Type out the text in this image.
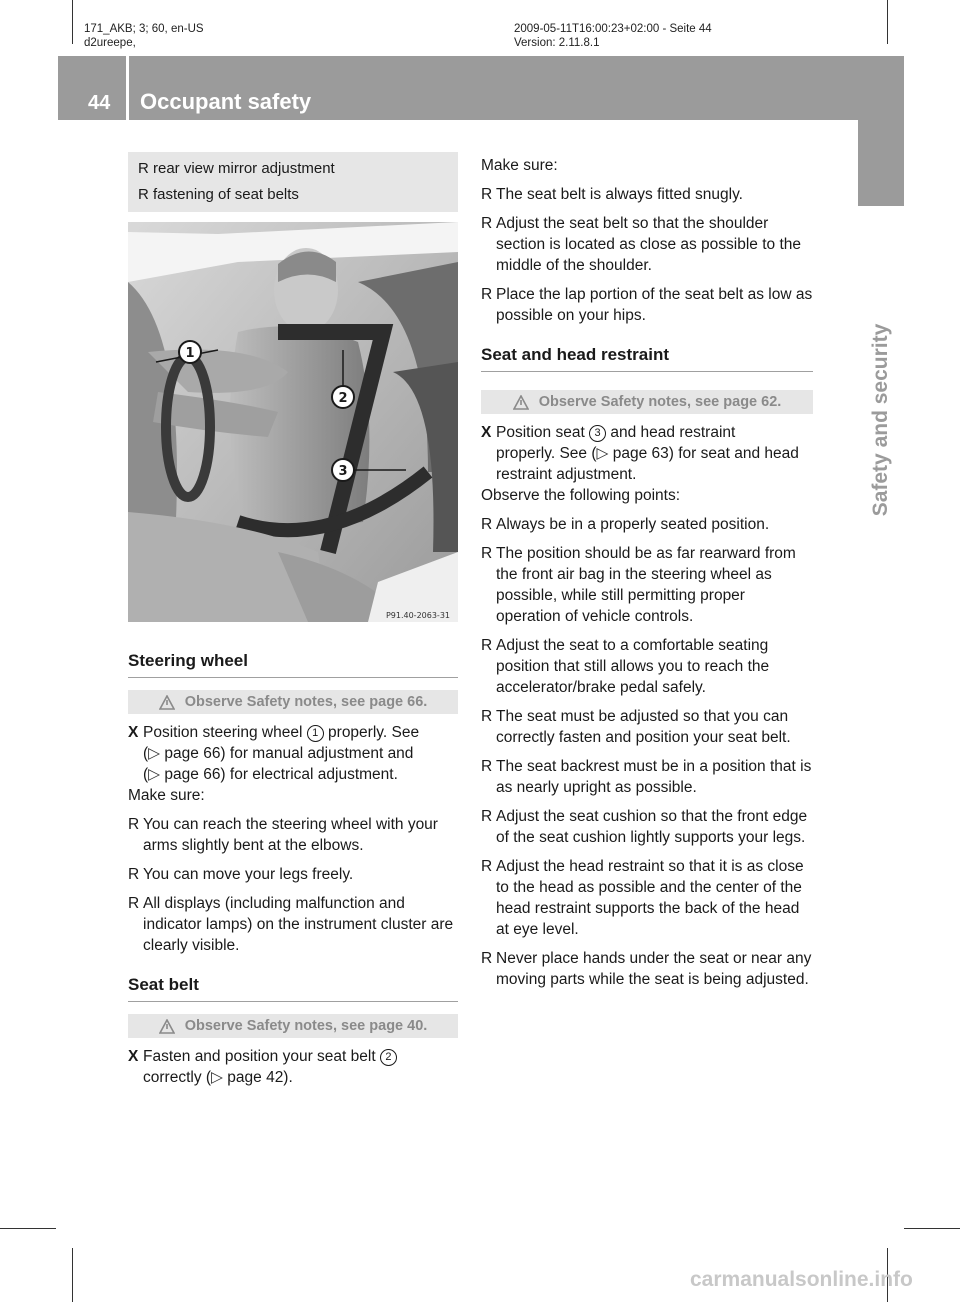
171_AKB; 3; 60, en-US
d2ureepe,
2009-05-11T16:00:23+02:00 - Seite 44
Version: 2.11.8.1
44 Occupant safety
Safety and security
R rear view mirror adjustment
R fastening of seat belts
1
2
3
P91.40-2063-31
Steering wheel
Observe Safety notes, see page 66.
X Position steering wheel 1 properly. See
(▷ page 66) for manual adjustment and
(▷ page 66) for electrical adjustment.
Make sure:
R You can reach the steering wheel with your arms slightly bent at the elbows.
R You can move your legs freely.
R All displays (including malfunction and indicator lamps) on the instrument cluster are clearly visible.
Seat belt
Observe Safety notes, see page 40.
X Fasten and position your seat belt 2
correctly (▷ page 42).
Make sure:
R The seat belt is always fitted snugly.
R Adjust the seat belt so that the shoulder section is located as close as possible to the middle of the shoulder.
R Place the lap portion of the seat belt as low as possible on your hips.
Seat and head restraint
Observe Safety notes, see page 62.
X Position seat 3 and head restraint
properly. See (▷ page 63) for seat and head restraint adjustment.
Observe the following points:
R Always be in a properly seated position.
R The position should be as far rearward from the front air bag in the steering wheel as possible, while still permitting proper operation of vehicle controls.
R Adjust the seat to a comfortable seating position that still allows you to reach the accelerator/brake pedal safely.
R The seat must be adjusted so that you can correctly fasten and position your seat belt.
R The seat backrest must be in a position that is as nearly upright as possible.
R Adjust the seat cushion so that the front edge of the seat cushion lightly supports your legs.
R Adjust the head restraint so that it is as close to the head as possible and the center of the head restraint supports the back of the head at eye level.
R Never place hands under the seat or near any moving parts while the seat is being adjusted.
carmanualsonline.info
